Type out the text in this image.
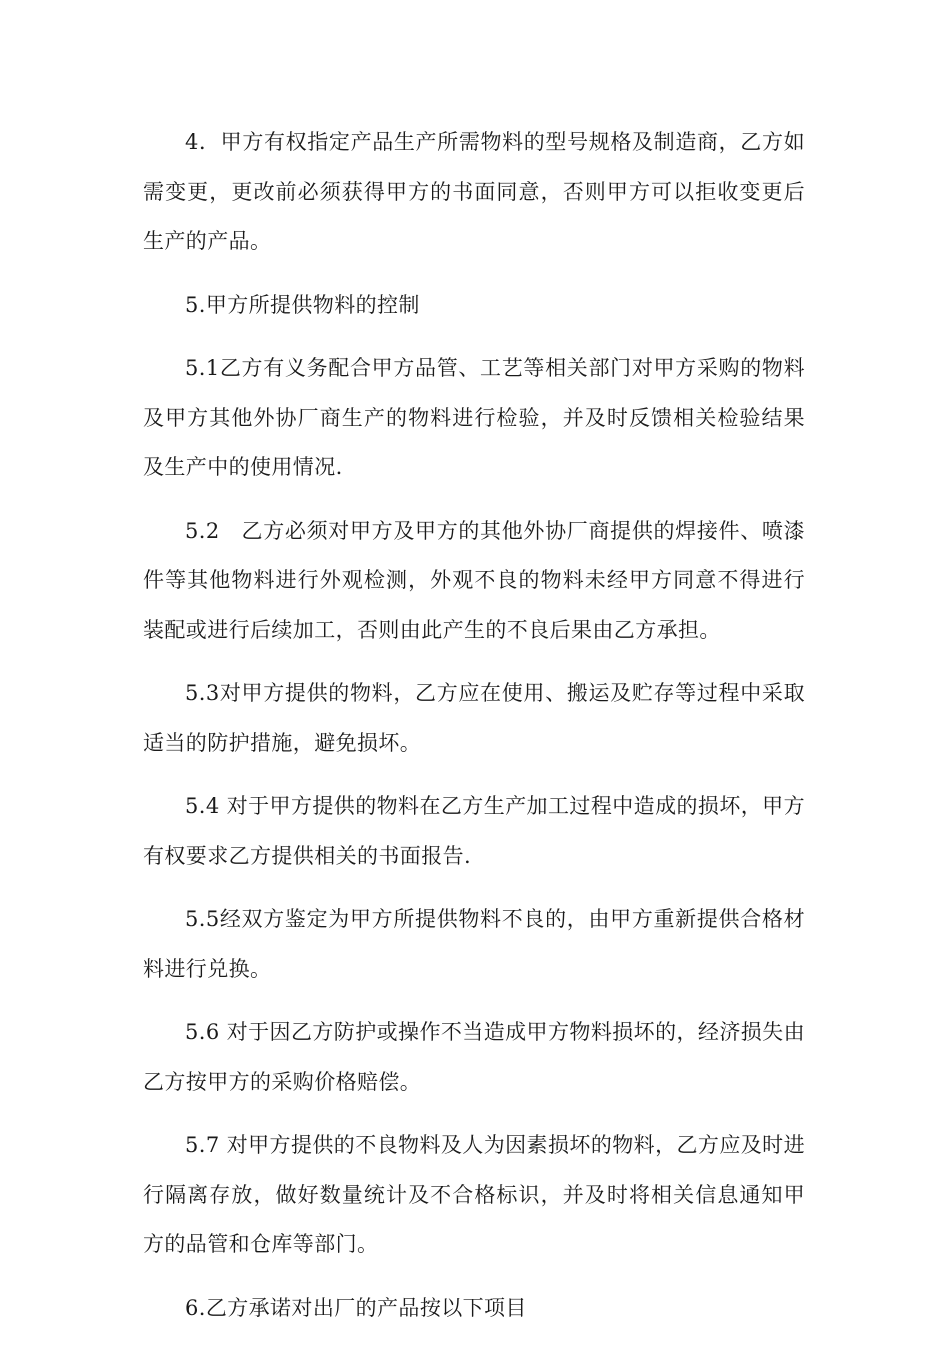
4．甲方有权指定产品生产所需物料的型号规格及制造商，乙方如需变更，更改前必须获得甲方的书面同意，否则甲方可以拒收变更后生产的产品。

5.甲方所提供物料的控制

5.1乙方有义务配合甲方品管、工艺等相关部门对甲方采购的物料及甲方其他外协厂商生产的物料进行检验，并及时反馈相关检验结果及生产中的使用情况.

5.2　乙方必须对甲方及甲方的其他外协厂商提供的焊接件、喷漆件等其他物料进行外观检测，外观不良的物料未经甲方同意不得进行装配或进行后续加工，否则由此产生的不良后果由乙方承担。

5.3对甲方提供的物料，乙方应在使用、搬运及贮存等过程中采取适当的防护措施，避免损坏。

5.4 对于甲方提供的物料在乙方生产加工过程中造成的损坏，甲方有权要求乙方提供相关的书面报告.

5.5经双方鉴定为甲方所提供物料不良的，由甲方重新提供合格材料进行兑换。

5.6 对于因乙方防护或操作不当造成甲方物料损坏的，经济损失由乙方按甲方的采购价格赔偿。

5.7 对甲方提供的不良物料及人为因素损坏的物料，乙方应及时进行隔离存放，做好数量统计及不合格标识，并及时将相关信息通知甲方的品管和仓库等部门。

6.乙方承诺对出厂的产品按以下项目
